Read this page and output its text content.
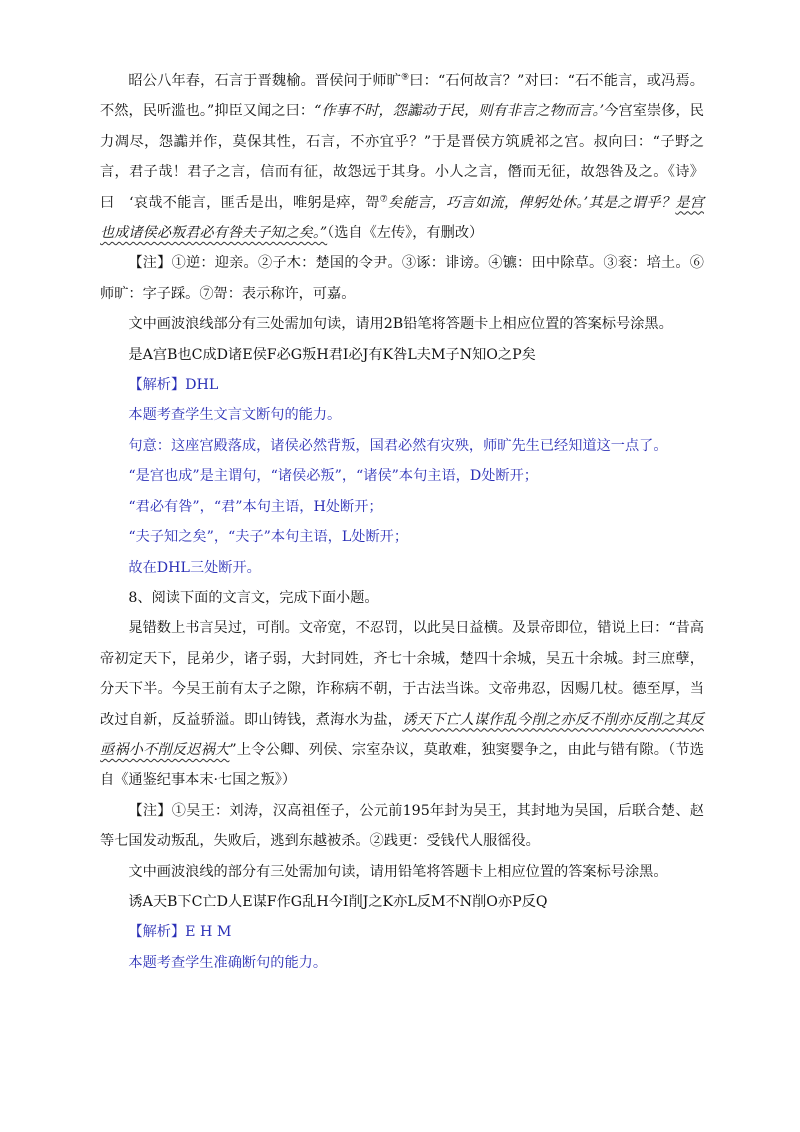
昭公八年春，石言于晋魏榆。晋侯问于师旷⑨曰：“石何故言？”对曰：“石不能言，或冯焉。不然，民听滥也。”抑臣又闻之曰：“作事不时，怨讟动于民，则有非言之物而言。’今宫室崇侈，民力凋尽，怨讟并作，莫保其性，石言，不亦宜乎？”于是晋侯方筑虒祁之宫。叔向曰：“子野之言，君子哉！君子之言，信而有征，故怨远于其身。小人之言，僭而无征，故怨咎及之。《诗》曰　‘哀哉不能言，匪舌是出，唯躬是瘁，哿⑦矣能言，巧言如流，俾躬处休。’其是之谓乎？是宫也成诸侯必叛君必有咎夫子知之矣。”（选自《左传》，有删改）

【注】①逆：迎亲。②子木：楚国的令尹。③诼：诽谤。④镳：田中除草。③衮：培土。⑥师旷：字子踩。⑦哿：表示称许，可嘉。

文中画波浪线部分有三处需加句读，请用2B铅笔将答题卡上相应位置的答案标号涂黑。

是A宫B也C成D诸E侯F必G叛H君I必J有K咎L夫M子N知O之P矣

【解析】DHL

本题考查学生文言文断句的能力。

句意：这座宫殿落成，诸侯必然背叛，国君必然有灾殃，师旷先生已经知道这一点了。

“是宫也成”是主谓句，“诸侯必叛”，“诸侯”本句主语，D处断开；

“君必有咎”，“君”本句主语，H处断开；

“夫子知之矣”，“夫子”本句主语，L处断开；

故在DHL三处断开。

8、阅读下面的文言文，完成下面小题。

晁错数上书言吴过，可削。文帝宽，不忍罚，以此吴日益横。及景帝即位，错说上曰：“昔高帝初定天下，昆弟少，诸子弱，大封同姓，齐七十余城，楚四十余城，吴五十余城。封三庶孽，分天下半。今吴王前有太子之隙，诈称病不朝，于古法当诛。文帝弗忍，因赐几杖。德至厚，当改过自新，反益骄溢。即山铸钱，煮海水为盐，诱天下亡人谋作乱今削之亦反不削亦反削之其反亟祸小不削反迟祸大”上令公卿、列侯、宗室杂议，莫敢难，独窦婴争之，由此与错有隙。（节选自《通鉴纪事本末·七国之叛》）

【注】①吴王：刘涛，汉高祖侄子，公元前195年封为吴王，其封地为吴国，后联合楚、赵等七国发动叛乱，失败后，逃到东越被杀。②践更：受钱代人服徭役。

文中画波浪线的部分有三处需加句读，请用铅笔将答题卡上相应位置的答案标号涂黑。

诱A天B下C亡D人E谋F作G乱H今I削J之K亦L反M不N削O亦P反Q

【解析】E H M

本题考查学生准确断句的能力。
